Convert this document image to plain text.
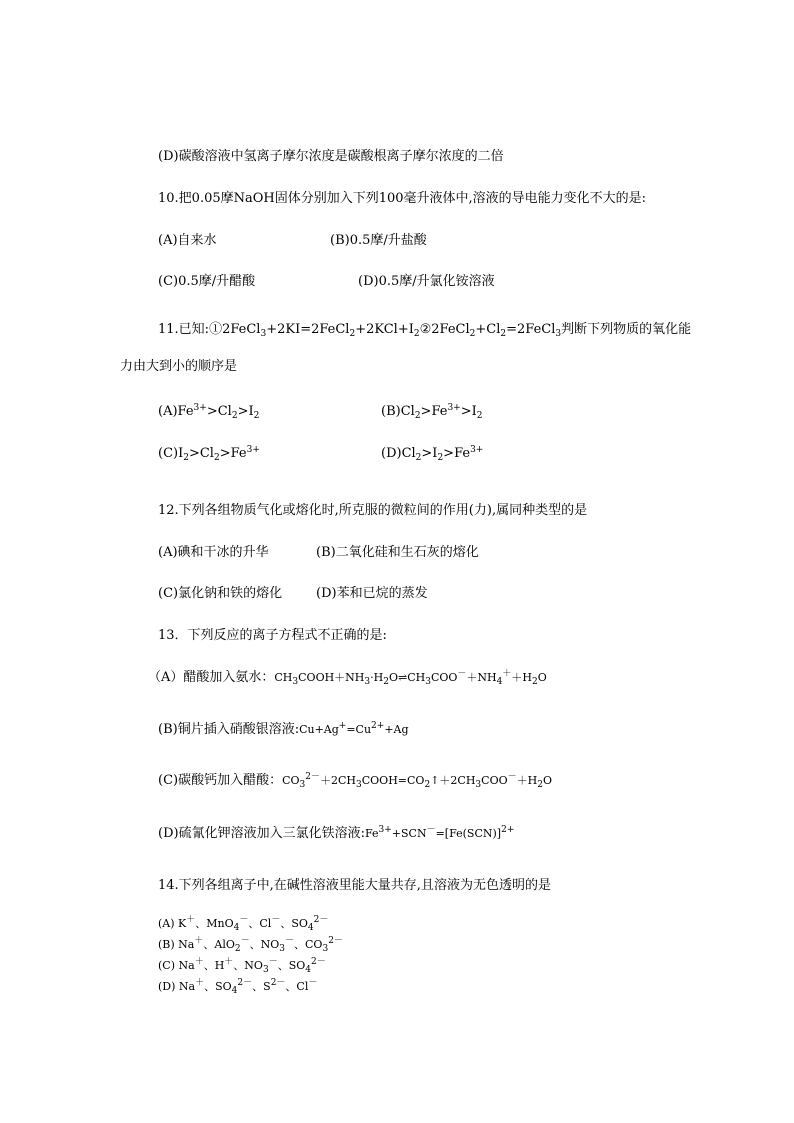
(D)碳酸溶液中氢离子摩尔浓度是碳酸根离子摩尔浓度的二倍
10.把0.05摩NaOH固体分别加入下列100毫升液体中,溶液的导电能力变化不大的是:
(A)自来水	(B)0.5摩/升盐酸
(C)0.5摩/升醋酸	(D)0.5摩/升氯化铵溶液
11.已知$:①2FeCl_3+2KI=2FeCl_2+2KCl+I_2②2FeCl_2+Cl_2=2FeCl_3$判断下列物质的氧化能
力由大到小的顺序是
$(A)Fe^{3+}>Cl_2>I_2$	$(B)Cl_2>Fe^{3+}>I_2$
$(C)I_2>Cl_2>Fe^{3+}$	$(D)Cl_2>I_2>Fe^{3+}$
12.下列各组物质气化或熔化时,所克服的微粒间的作用(力),属同种类型的是
(A)碘和干冰的升华	(B)二氧化硅和生石灰的熔化
(C)氯化钠和铁的熔化	(D)苯和已烷的蒸发
13．下列反应的离子方程式不正确的是:
（A）醋酸加入氨水：$CH_3COOH+NH_3\cdot H_2O\rightleftharpoons CH_3COO^-+NH_4^++H_2O$
(B)铜片插入硝酸银溶液$:Cu+Ag^+=Cu^{2+}+Ag$
(C)碳酸钙加入醋酸：$CO_3^{2-}+2CH_3COOH=CO_2↑+2CH_3COO^-+H_2O$
(D)硫氰化钾溶液加入三氯化铁溶液$:Fe^{3+}+SCN^-=[Fe(SCN)]^{2+}$
14.下列各组离子中,在碱性溶液里能大量共存,且溶液为无色透明的是
(A) K＋、MnO$_4$－、Cl－、$SO_4^{2-}$
(B) Na＋、AlO$_2$－、$NO_3^-$、$CO_3^{2-}$
(C) Na＋、H＋、$NO_3^-$、$SO_4^{2-}$
(D) Na＋、$SO_4^{2-}$、$S^{2-}$、Cl－
